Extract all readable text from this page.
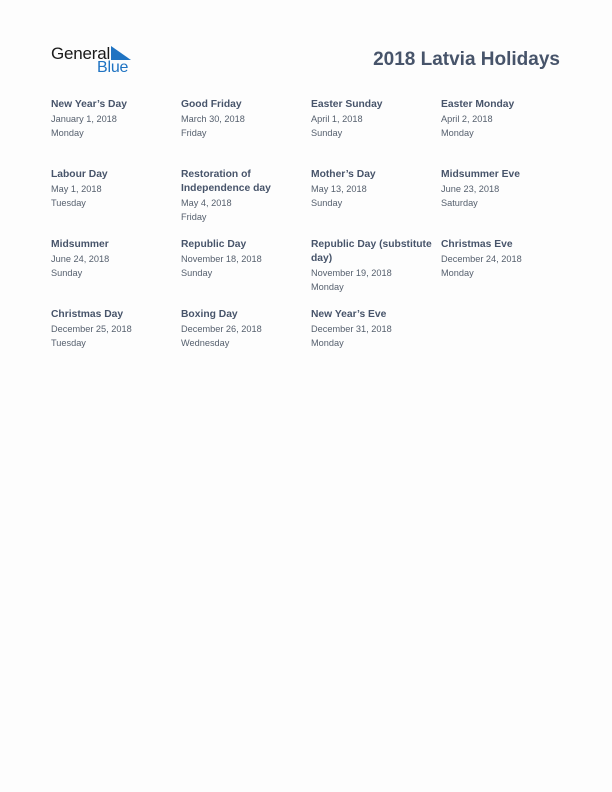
General
Blue	2018 Latvia Holidays
New Year’s Day
January 1, 2018
Monday
Good Friday
March 30, 2018
Friday
Easter Sunday
April 1, 2018
Sunday
Easter Monday
April 2, 2018
Monday
Labour Day
May 1, 2018
Tuesday
Restoration of Independence day
May 4, 2018
Friday
Mother’s Day
May 13, 2018
Sunday
Midsummer Eve
June 23, 2018
Saturday
Midsummer
June 24, 2018
Sunday
Republic Day
November 18, 2018
Sunday
Republic Day (substitute day)
November 19, 2018
Monday
Christmas Eve
December 24, 2018
Monday
Christmas Day
December 25, 2018
Tuesday
Boxing Day
December 26, 2018
Wednesday
New Year’s Eve
December 31, 2018
Monday
